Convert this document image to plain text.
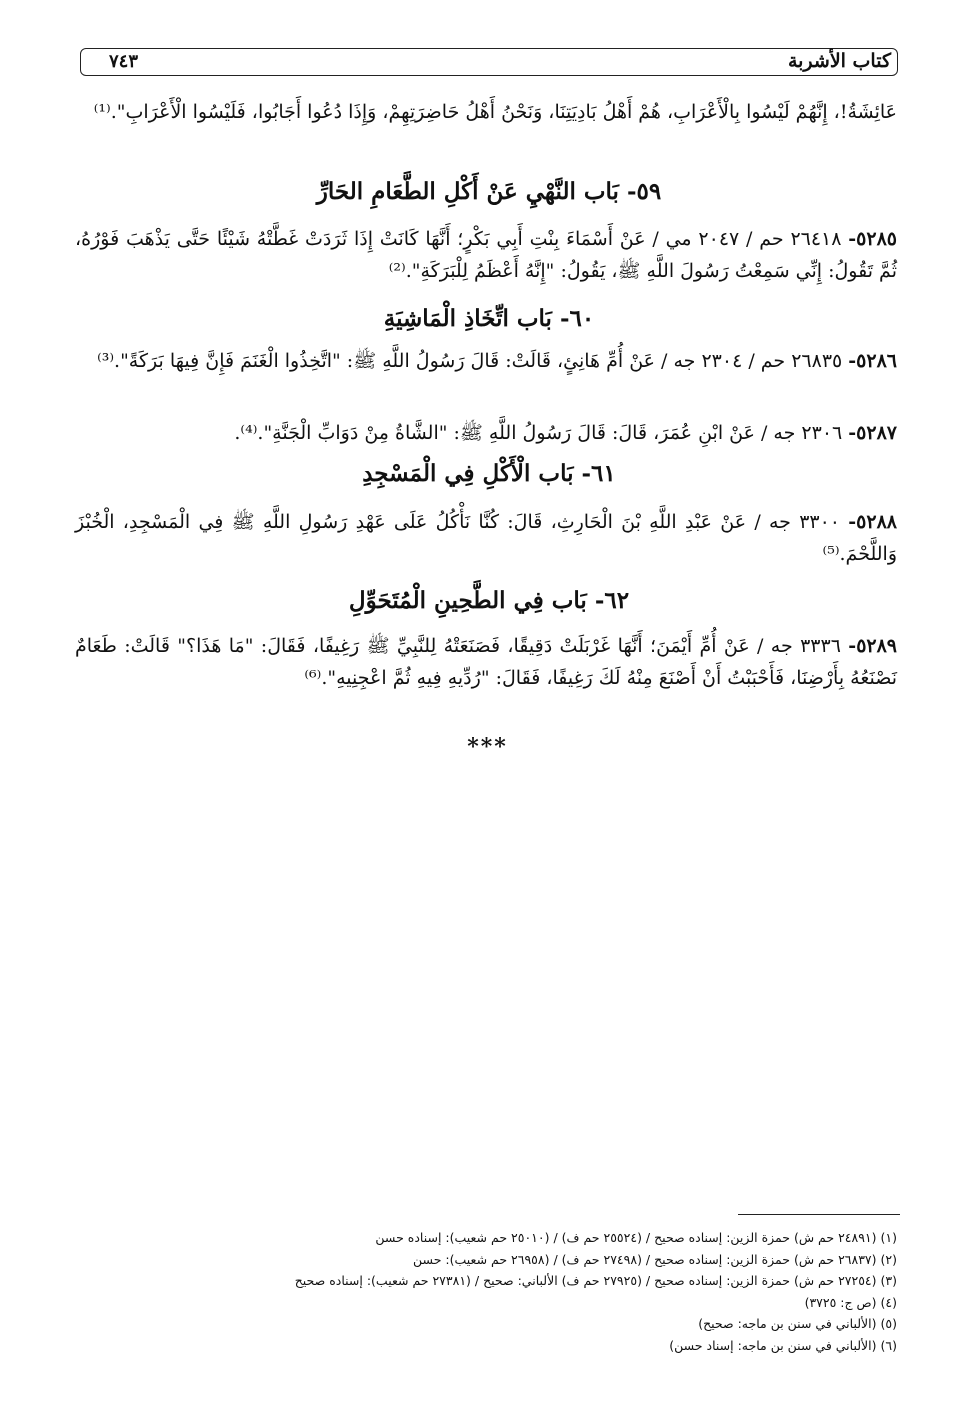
كتاب الأشربة
٧٤٣
عَائِشَةُ!، إِنَّهُمْ لَيْسُوا بِالْأَعْرَابِ، هُمْ أَهْلُ بَادِيَتِنَا، وَنَحْنُ أَهْلُ حَاضِرَتِهِمْ، وَإِذَا دُعُوا أَجَابُوا، فَلَيْسُوا الْأَعْرَابِ".⁽¹⁾
٥٩- بَاب النَّهْيِ عَنْ أَكْلِ الطَّعَامِ الحَارِّ
٥٢٨٥- ٢٦٤١٨ حم / ٢٠٤٧ مي / عَنْ أَسْمَاءَ بِنْتِ أَبِي بَكْرٍ؛ أَنَّهَا كَانَتْ إِذَا ثَرَدَتْ غَطَّتْهُ شَيْئًا حَتَّى يَذْهَبَ فَوْرُهُ، ثُمَّ تَقُولُ: إِنِّي سَمِعْتُ رَسُولَ اللَّهِ ﷺ، يَقُولُ: "إِنَّهُ أَعْظَمُ لِلْبَرَكَةِ".⁽²⁾
٦٠- بَاب اتِّخَاذِ الْمَاشِيَةِ
٥٢٨٦- ٢٦٨٣٥ حم / ٢٣٠٤ جه / عَنْ أُمِّ هَانِئٍ، قَالَتْ: قَالَ رَسُولُ اللَّهِ ﷺ: "اتَّخِذُوا الْغَنَمَ فَإِنَّ فِيهَا بَرَكَةً".⁽³⁾
٥٢٨٧- ٢٣٠٦ جه / عَنْ ابْنِ عُمَرَ، قَالَ: قَالَ رَسُولُ اللَّهِ ﷺ: "الشَّاةُ مِنْ دَوَابِّ الْجَنَّةِ".⁽⁴⁾.
٦١- بَاب الْأَكْلِ فِي الْمَسْجِدِ
٥٢٨٨- ٣٣٠٠ جه / عَنْ عَبْدِ اللَّهِ بْنَ الْحَارِثِ، قَالَ: كُنَّا نَأْكُلُ عَلَى عَهْدِ رَسُولِ اللَّهِ ﷺ فِي الْمَسْجِدِ، الْخُبْزَ وَاللَّحْمَ.⁽⁵⁾
٦٢- بَاب فِي الطَّحِينِ الْمُتَحَوِّلِ
٥٢٨٩- ٣٣٣٦ جه / عَنْ أُمِّ أَيْمَنَ؛ أَنَّهَا غَرْبَلَتْ دَقِيقًا، فَصَنَعَتْهُ لِلنَّبِيِّ ﷺ رَغِيفًا، فَقَالَ: "مَا هَذَا؟" قَالَتْ: طَعَامٌ نَصْنَعُهُ بِأَرْضِنَا، فَأَحْبَبْتُ أَنْ أَصْنَعَ مِنْهُ لَكَ رَغِيفًا، فَقَالَ: "رُدِّيهِ فِيهِ ثُمَّ اعْجِنِيهِ".⁽⁶⁾
***
(١) (٢٤٨٩١ حم ش) حمزة الزين: إسناده صحيح / (٢٥٥٢٤ حم ف) / (٢٥٠١٠ حم شعيب): إسناده حسن
(٢) (٢٦٨٣٧ حم ش) حمزة الزين: إسناده صحيح / (٢٧٤٩٨ حم ف) / (٢٦٩٥٨ حم شعيب): حسن
(٣) (٢٧٢٥٤ حم ش) حمزة الزين: إسناده صحيح / (٢٧٩٢٥ حم ف) الألباني: صحيح / (٢٧٣٨١ حم شعيب): إسناده صحيح
(٤) (ص ج: ٣٧٢٥)
(٥) (الألباني في سنن بن ماجه: صحيح)
(٦) (الألباني في سنن بن ماجه: إسناد حسن)
